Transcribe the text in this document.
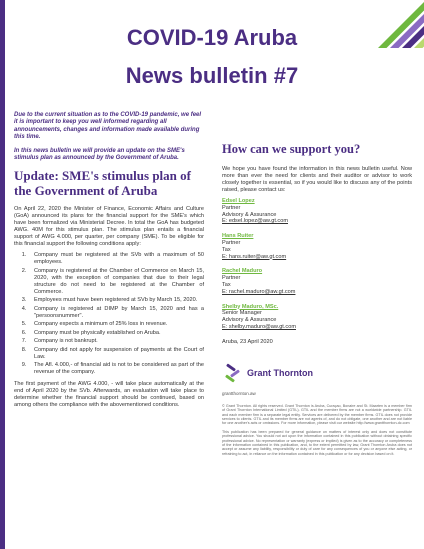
COVID-19 Aruba
News bulletin #7

Due to the current situation as to the COVID-19 pandemic, we feel it is important to keep you well informed regarding all announcements, changes and information made available during this time.

In this news bulletin we will provide an update on the SME's stimulus plan as announced by the Government of Aruba.

Update: SME's stimulus plan of the Government of Aruba

On April 22, 2020 the Minister of Finance, Economic Affairs and Culture (GoA) announced its plans for the financial support for the SME's which have been formalized via Ministerial Decree. In total the GoA has budgeted AWG. 40M for this stimulus plan. The stimulus plan entails a financial support of AWG 4.000, per quarter, per company (SME). To be eligible for this financial support the following conditions apply:

1. Company must be registered at the SVb with a maximum of 50 employees.
2. Company is registered at the Chamber of Commerce on March 15, 2020, with the exception of companies that due to their legal structure do not need to be registered at the Chamber of Commerce.
3. Employees must have been registered at SVb by March 15, 2020.
4. Company is registered at DIMP by March 15, 2020 and has a "persoonsnummer".
5. Company expects a minimum of 25% loss in revenue.
6. Company must be physically established on Aruba.
7. Company is not bankrupt.
8. Company did not apply for suspension of payments at the Court of Law.
9. The Afl. 4.000,- of financial aid is not to be considered as part of the revenue of the company.

The first payment of the AWG 4.000, - will take place automatically at the end of April 2020 by the SVb. Afterwards, an evaluation will take place to determine whether the financial support should be continued, based on among others the compliance with the abovementioned conditions.

How can we support you?

We hope you have found the information in this news bulletin useful. Now more than ever the need for clients and their auditor or advisor to work closely together is essential, so if you would like to discuss any of the points raised, please contact us:

Edsel Lopez
Partner
Advisory & Assurance
E: edsel.lopez@aw.gt.com
Hans Ruiter
Partner
Tax
E: hans.ruiter@aw.gt.com
Rachel Maduro
Partner
Tax
E: rachel.maduro@aw.gt.com
Shelby Maduro, MSc.
Senior Manager
Advisory & Assurance
E: shelby.maduro@aw.gt.com
Aruba, 23 April 2020
Grant Thornton
grantthornton.aw

© Grant Thornton. All rights reserved. Grant Thornton is Aruba, Curaçao, Bonaire and St. Maarten is a member firm of Grant Thornton International Limited (GTIL). GTIL and the member firms are not a worldwide partnership. GTIL and each member firm is a separate legal entity. Services are delivered by the member firms. GTIL does not provide services to clients. GTIL and its member firms are not agents of, and do not obligate, one another and are not liable for one another's acts or omissions. For more information, please visit our website http://www.grantthornton-dc.com

This publication has been prepared for general guidance on matters of interest only and does not constitute professional advice. You should not act upon the information contained in this publication without obtaining specific professional advice. No representation or warranty (express or implied) is given as to the accuracy or completeness of the information contained in this publication, and, to the extent permitted by law, Grant Thornton Aruba does not accept or assume any liability, responsibility or duty of care for any consequences of you or anyone else acting, or refraining to act, in reliance on the information contained in this publication or for any decision based on it.
